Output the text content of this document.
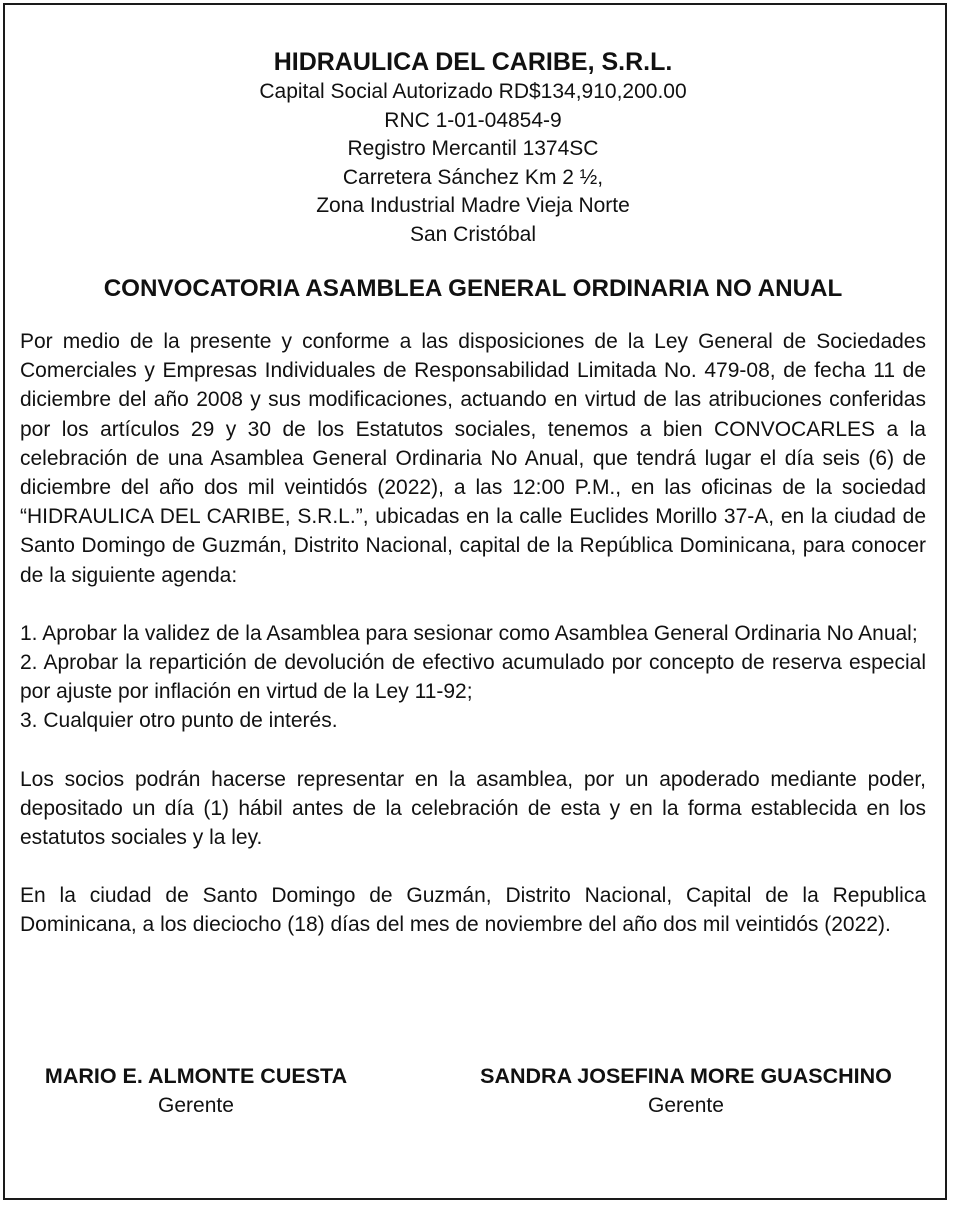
HIDRAULICA DEL CARIBE, S.R.L.
Capital Social Autorizado RD$134,910,200.00
RNC 1-01-04854-9
Registro Mercantil 1374SC
Carretera Sánchez Km 2 ½,
Zona Industrial Madre Vieja Norte
San Cristóbal
CONVOCATORIA ASAMBLEA GENERAL ORDINARIA NO ANUAL

Por medio de la presente y conforme a las disposiciones de la Ley General de Sociedades Comerciales y Empresas Individuales de Responsabilidad Limitada No. 479-08, de fecha 11 de diciembre del año 2008 y sus modificaciones, actuando en virtud de las atribuciones conferidas por los artículos 29 y 30 de los Estatutos sociales, tenemos a bien CONVOCARLES a la celebración de una Asamblea General Ordinaria No Anual, que tendrá lugar el día seis (6) de diciembre del año dos mil veintidós (2022), a las 12:00 P.M., en las oficinas de la sociedad “HIDRAULICA DEL CARIBE, S.R.L.”, ubicadas en la calle Euclides Morillo 37-A, en la ciudad de Santo Domingo de Guzmán, Distrito Nacional, capital de la República Dominicana, para conocer de la siguiente agenda:

1. Aprobar la validez de la Asamblea para sesionar como Asamblea General Ordinaria No Anual;
2. Aprobar la repartición de devolución de efectivo acumulado por concepto de reserva especial por ajuste por inflación en virtud de la Ley 11-92;
3. Cualquier otro punto de interés.

Los socios podrán hacerse representar en la asamblea, por un apoderado mediante poder, depositado un día (1) hábil antes de la celebración de esta y en la forma establecida en los estatutos sociales y la ley.

En la ciudad de Santo Domingo de Guzmán, Distrito Nacional, Capital de la Republica Dominicana, a los dieciocho (18) días del mes de noviembre del año dos mil veintidós (2022).

MARIO E. ALMONTE CUESTA
Gerente
SANDRA JOSEFINA MORE GUASCHINO
Gerente
